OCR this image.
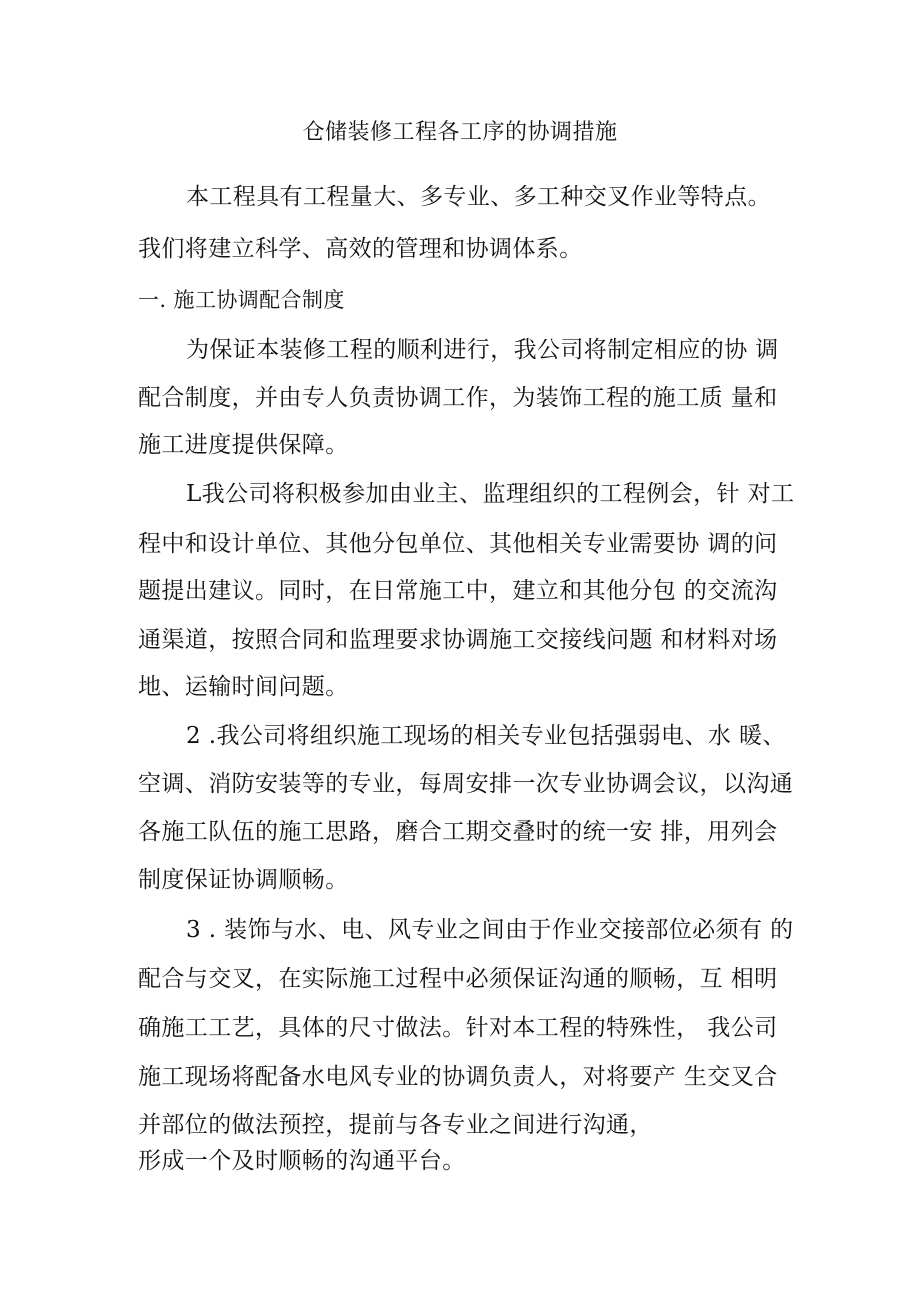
仓储装修工程各工序的协调措施
本工程具有工程量大、多专业、多工种交叉作业等特点。
我们将建立科学、高效的管理和协调体系。
一. 施工协调配合制度
为保证本装修工程的顺利进行，我公司将制定相应的协 调
配合制度，并由专人负责协调工作，为装饰工程的施工质 量和
施工进度提供保障。
L我公司将积极参加由业主、监理组织的工程例会，针 对工
程中和设计单位、其他分包单位、其他相关专业需要协 调的问
题提出建议。同时，在日常施工中，建立和其他分包 的交流沟
通渠道，按照合同和监理要求协调施工交接线问题 和材料对场
地、运输时间问题。
2 .我公司将组织施工现场的相关专业包括强弱电、水 暖、
空调、消防安装等的专业，每周安排一次专业协调会议，以沟通
各施工队伍的施工思路，磨合工期交叠时的统一安 排，用列会
制度保证协调顺畅。
3 . 装饰与水、电、风专业之间由于作业交接部位必须有 的
配合与交叉，在实际施工过程中必须保证沟通的顺畅，互 相明
确施工工艺，具体的尺寸做法。针对本工程的特殊性， 我公司
施工现场将配备水电风专业的协调负责人，对将要产 生交叉合
并部位的做法预控，提前与各专业之间进行沟通，
形成一个及时顺畅的沟通平台。
